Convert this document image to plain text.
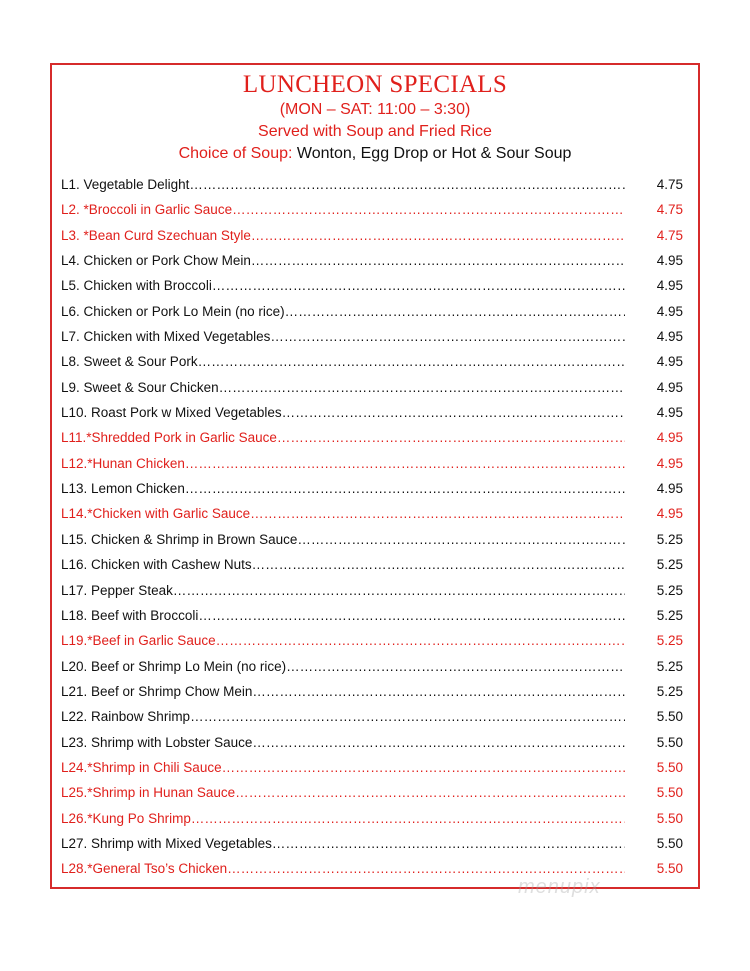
LUNCHEON SPECIALS
(MON – SAT: 11:00 – 3:30)
Served with Soup and Fried Rice
Choice of Soup: Wonton, Egg Drop or Hot & Sour Soup
L1. Vegetable Delight ……………………………………………………………………………………………………………………………………………………………………	4.75
L2. *Broccoli in Garlic Sauce ……………………………………………………………………………………………………………………………………………………………………	4.75
L3. *Bean Curd Szechuan Style ……………………………………………………………………………………………………………………………………………………………………	4.75
L4. Chicken or Pork Chow Mein ……………………………………………………………………………………………………………………………………………………………………	4.95
L5. Chicken with Broccoli ……………………………………………………………………………………………………………………………………………………………………	4.95
L6. Chicken or Pork Lo Mein (no rice) ……………………………………………………………………………………………………………………………………………………………………	4.95
L7. Chicken with Mixed Vegetables ……………………………………………………………………………………………………………………………………………………………………	4.95
L8. Sweet & Sour Pork ……………………………………………………………………………………………………………………………………………………………………	4.95
L9. Sweet & Sour Chicken ……………………………………………………………………………………………………………………………………………………………………	4.95
L10. Roast Pork w Mixed Vegetables ……………………………………………………………………………………………………………………………………………………………………	4.95
L11.*Shredded Pork in Garlic Sauce ……………………………………………………………………………………………………………………………………………………………………	4.95
L12.*Hunan Chicken ……………………………………………………………………………………………………………………………………………………………………	4.95
L13. Lemon Chicken ……………………………………………………………………………………………………………………………………………………………………	4.95
L14.*Chicken with Garlic Sauce ……………………………………………………………………………………………………………………………………………………………………	4.95
L15. Chicken & Shrimp in Brown Sauce ……………………………………………………………………………………………………………………………………………………………………	5.25
L16. Chicken with Cashew Nuts ……………………………………………………………………………………………………………………………………………………………………	5.25
L17. Pepper Steak ……………………………………………………………………………………………………………………………………………………………………	5.25
L18. Beef with Broccoli ……………………………………………………………………………………………………………………………………………………………………	5.25
L19.*Beef in Garlic Sauce ……………………………………………………………………………………………………………………………………………………………………	5.25
L20. Beef or Shrimp Lo Mein (no rice) ……………………………………………………………………………………………………………………………………………………………………	5.25
L21. Beef or Shrimp Chow Mein ……………………………………………………………………………………………………………………………………………………………………	5.25
L22. Rainbow Shrimp ……………………………………………………………………………………………………………………………………………………………………	5.50
L23. Shrimp with Lobster Sauce ……………………………………………………………………………………………………………………………………………………………………	5.50
L24.*Shrimp in Chili Sauce ……………………………………………………………………………………………………………………………………………………………………	5.50
L25.*Shrimp in Hunan Sauce ……………………………………………………………………………………………………………………………………………………………………	5.50
L26.*Kung Po Shrimp ……………………………………………………………………………………………………………………………………………………………………	5.50
L27. Shrimp with Mixed Vegetables ……………………………………………………………………………………………………………………………………………………………………	5.50
L28.*General Tso’s Chicken ……………………………………………………………………………………………………………………………………………………………………	5.50
menupix
